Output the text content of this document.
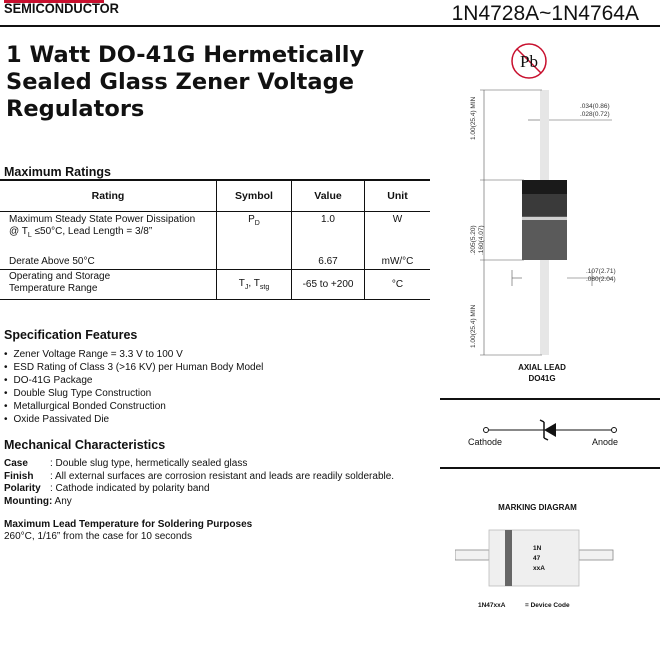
SEMICONDUCTOR	1N4728A~1N4764A
1 Watt DO-41G Hermetically Sealed Glass Zener Voltage Regulators
Pb
Maximum Ratings
Rating	Symbol	Value	Unit

Maximum Steady State Power Dissipation
@ $T_L \le 50^\circ C$, Lead Length = 3/8”	$P_D$	1.0	W
Derate Above 50°C		6.67	mW/°C

Operating and Storage
Temperature Range	$T_J$, $T_{stg}$	-65 to +200	°C
Specification Features
• Zener Voltage Range = 3.3 V to 100 V
• ESD Rating of Class 3 (>16 KV) per Human Body Model
• DO-41G Package
• Double Slug Type Construction
• Metallurgical Bonded Construction
• Oxide Passivated Die
Mechanical Characteristics
Case : Double slug type, hermetically sealed glass
Finish : All external surfaces are corrosion resistant and leads are readily solderable.
Polarity : Cathode indicated by polarity band
Mounting: Any
Maximum Lead Temperature for Soldering Purposes
260°C, 1/16” from the case for 10 seconds
1.00(25.4) MIN
.205(5.20)
.160(4.07)
1.00(25.4) MIN
.034(0.86)
.028(0.72)
.107(2.71)
.080(2.04)
AXIAL LEAD
DO41G
Cathode	Anode
MARKING DIAGRAM
1N
47
xxA
1N47xxA	= Device Code
